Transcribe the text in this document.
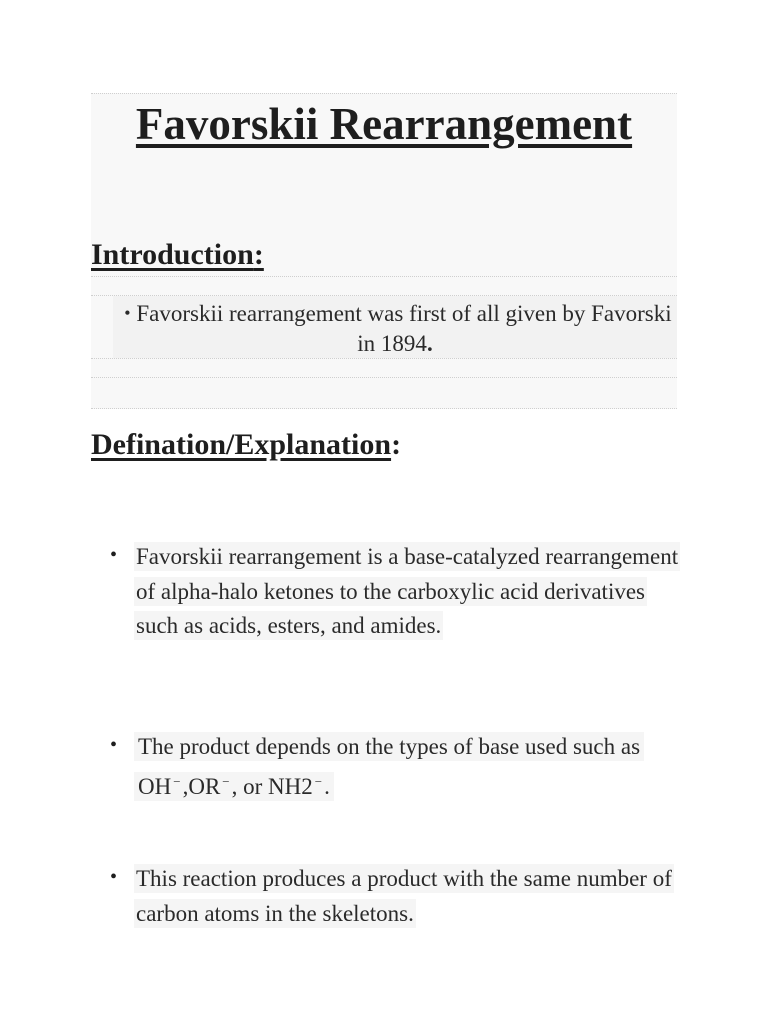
Favorskii Rearrangement
Introduction:
• Favorskii rearrangement was first of all given by Favorski in 1894.
Defination/Explanation:
• Favorskii rearrangement is a base-catalyzed rearrangement of alpha-halo ketones to the carboxylic acid derivatives such as acids, esters, and amides.
• The product depends on the types of base used such as OH −,OR −, or NH2 −.
• This reaction produces a product with the same number of carbon atoms in the skeletons.
